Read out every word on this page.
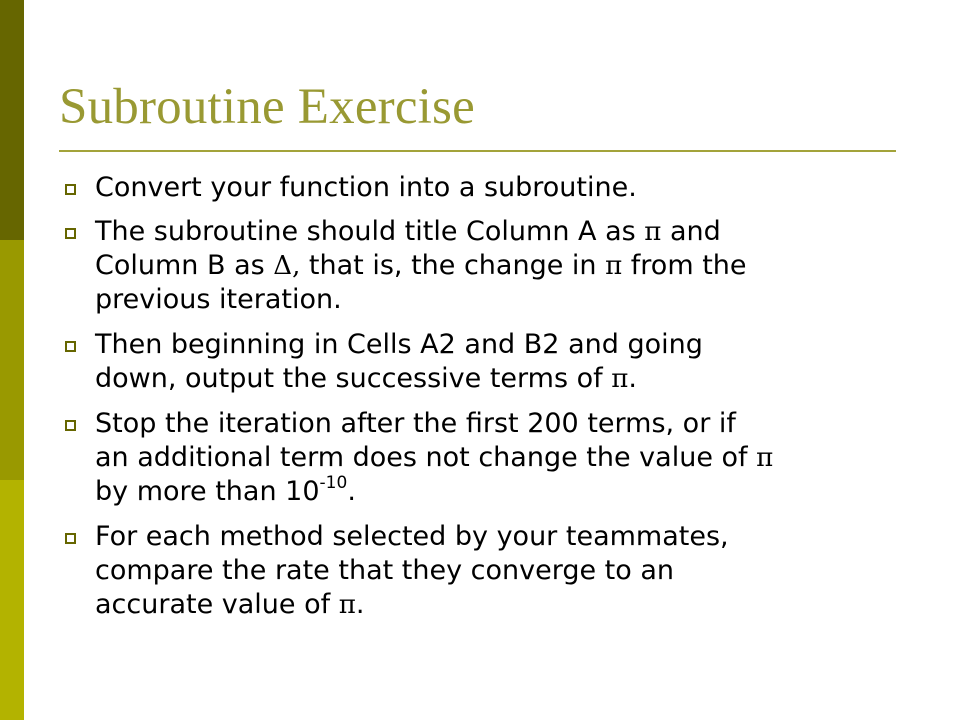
Subroutine Exercise
Convert your function into a subroutine.
The subroutine should title Column A as π and
Column B as Δ, that is, the change in π from the
previous iteration.
Then beginning in Cells A2 and B2 and going
down, output the successive terms of π.
Stop the iteration after the first 200 terms, or if
an additional term does not change the value of π
by more than $10^{-10}$.
For each method selected by your teammates,
compare the rate that they converge to an
accurate value of π.
